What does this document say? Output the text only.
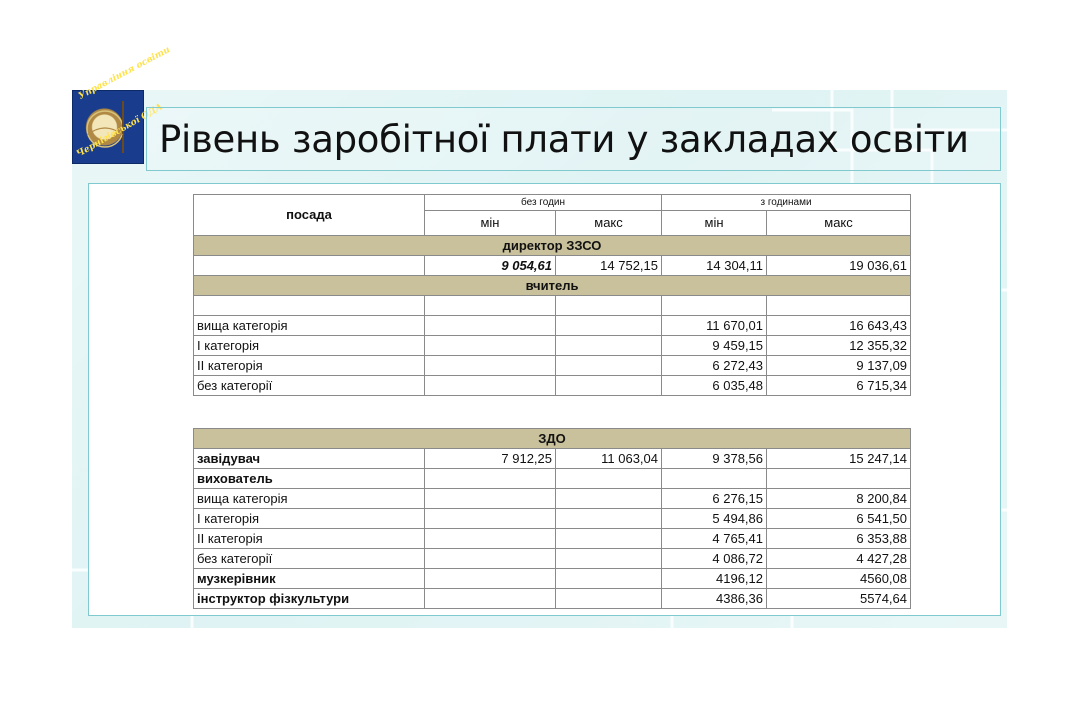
Управління освіти
Чернігівської ОДА
Рівень заробітної плати у закладах освіти
посада	без годин		з годинами	
	мін	макс	мін	макс
директор ЗЗСО				
	9 054,61	14 752,15	14 304,11	19 036,61
вчитель				

вища категорія			11 670,01	16 643,43
І категорія			9 459,15	12 355,32
ІІ категорія			6 272,43	9 137,09
без категорії			6 035,48	6 715,34
ЗДО				
завідувач	7 912,25	11 063,04	9 378,56	15 247,14
вихователь				
вища категорія			6 276,15	8 200,84
І категорія			5 494,86	6 541,50
ІІ категорія			4 765,41	6 353,88
без категорії			4 086,72	4 427,28
музкерівник			4196,12	4560,08
інструктор фізкультури			4386,36	5574,64
